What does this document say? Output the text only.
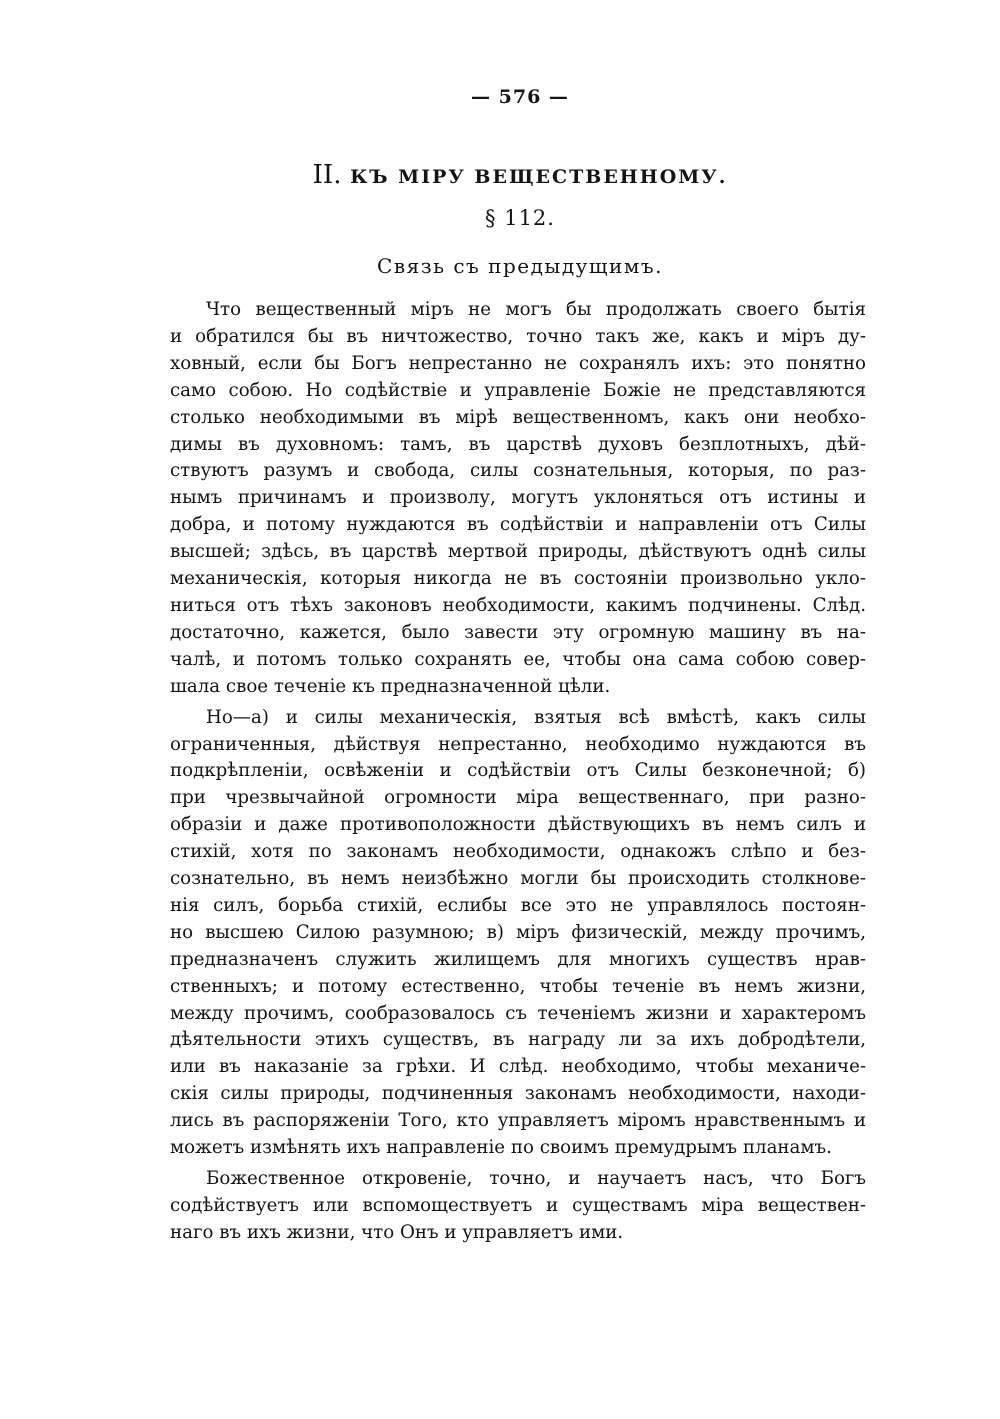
— 576 —
II. КЪ МІРУ ВЕЩЕСТВЕННОМУ.
§ 112.
Связь съ предыдущимъ.
Что вещественный міръ не могъ бы продолжать своего бытія
и обратился бы въ ничтожество, точно такъ же, какъ и міръ ду-
ховный, если бы Богъ непрестанно не сохранялъ ихъ: это понятно
само собою. Но содѣйствіе и управленіе Божіе не представляются
столько необходимыми въ мірѣ вещественномъ, какъ они необхо-
димы въ духовномъ: тамъ, въ царствѣ духовъ безплотныхъ, дѣй-
ствуютъ разумъ и свобода, силы сознательныя, которыя, по раз-
нымъ причинамъ и произволу, могутъ уклоняться отъ истины и
добра, и потому нуждаются въ содѣйствіи и направленіи отъ Силы
высшей; здѣсь, въ царствѣ мертвой природы, дѣйствуютъ однѣ силы
механическія, которыя никогда не въ состояніи произвольно укло-
ниться отъ тѣхъ законовъ необходимости, какимъ подчинены. Слѣд.
достаточно, кажется, было завести эту огромную машину въ на-
чалѣ, и потомъ только сохранять ее, чтобы она сама собою совер-
шала свое теченіе къ предназначенной цѣли.
Но—а) и силы механическія, взятыя всѣ вмѣстѣ, какъ силы
ограниченныя, дѣйствуя непрестанно, необходимо нуждаются въ
подкрѣпленіи, освѣженіи и содѣйствіи отъ Силы безконечной; б)
при чрезвычайной огромности міра вещественнаго, при разно-
образіи и даже противоположности дѣйствующихъ въ немъ силъ и
стихій, хотя по законамъ необходимости, однакожъ слѣпо и без-
сознательно, въ немъ неизбѣжно могли бы происходить столкнове-
нія силъ, борьба стихій, еслибы все это не управлялось постоян-
но высшею Силою разумною; в) міръ физическій, между прочимъ,
предназначенъ служить жилищемъ для многихъ существъ нрав-
ственныхъ; и потому естественно, чтобы теченіе въ немъ жизни,
между прочимъ, сообразовалось съ теченіемъ жизни и характеромъ
дѣятельности этихъ существъ, въ награду ли за ихъ добродѣтели,
или въ наказаніе за грѣхи. И слѣд. необходимо, чтобы механиче-
скія силы природы, подчиненныя законамъ необходимости, находи-
лись въ распоряженіи Того, кто управляетъ міромъ нравственнымъ и
можетъ измѣнять ихъ направленіе по своимъ премудрымъ планамъ.
Божественное откровеніе, точно, и научаетъ насъ, что Богъ
содѣйствуетъ или вспомоществуетъ и существамъ міра веществен-
наго въ ихъ жизни, что Онъ и управляетъ ими.
